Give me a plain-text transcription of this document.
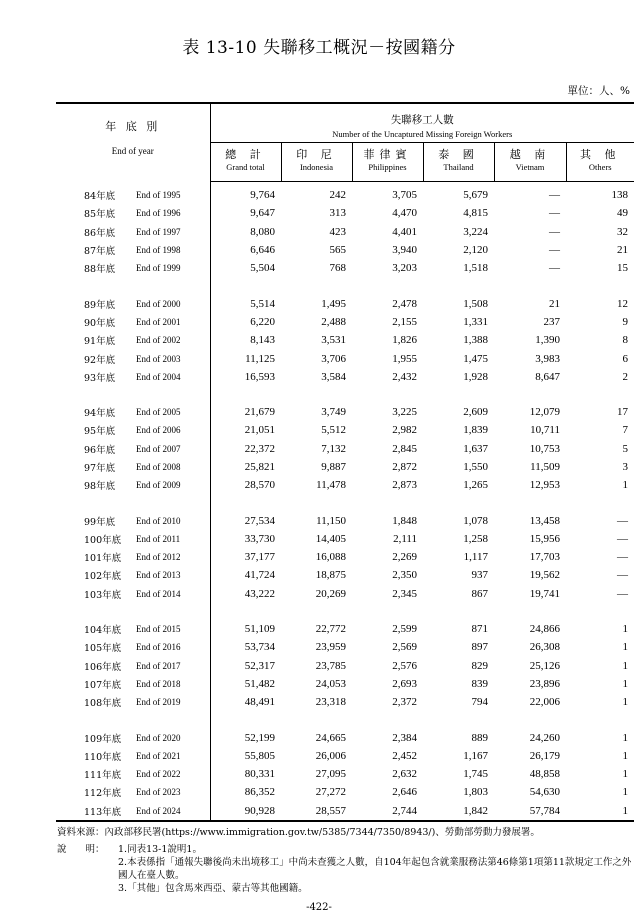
表 13-10 失聯移工概況－按國籍分
單位：人、%
年 底 別
End of year		失聯移工人數
Number of the Uncaptured Missing Foreign Workers					

		總 計
Grand total	印 尼
Indonesia	菲律賓
Philippines	泰 國
Thailand	越 南
Vietnam	其 他
Others

84年底	End of 1995	9,764	242	3,705	5,679	—	138
85年底	End of 1996	9,647	313	4,470	4,815	—	49
86年底	End of 1997	8,080	423	4,401	3,224	—	32
87年底	End of 1998	6,646	565	3,940	2,120	—	21
88年底	End of 1999	5,504	768	3,203	1,518	—	15

89年底	End of 2000	5,514	1,495	2,478	1,508	21	12
90年底	End of 2001	6,220	2,488	2,155	1,331	237	9
91年底	End of 2002	8,143	3,531	1,826	1,388	1,390	8
92年底	End of 2003	11,125	3,706	1,955	1,475	3,983	6
93年底	End of 2004	16,593	3,584	2,432	1,928	8,647	2

94年底	End of 2005	21,679	3,749	3,225	2,609	12,079	17
95年底	End of 2006	21,051	5,512	2,982	1,839	10,711	7
96年底	End of 2007	22,372	7,132	2,845	1,637	10,753	5
97年底	End of 2008	25,821	9,887	2,872	1,550	11,509	3
98年底	End of 2009	28,570	11,478	2,873	1,265	12,953	1

99年底	End of 2010	27,534	11,150	1,848	1,078	13,458	—
100年底	End of 2011	33,730	14,405	2,111	1,258	15,956	—
101年底	End of 2012	37,177	16,088	2,269	1,117	17,703	—
102年底	End of 2013	41,724	18,875	2,350	937	19,562	—
103年底	End of 2014	43,222	20,269	2,345	867	19,741	—

104年底	End of 2015	51,109	22,772	2,599	871	24,866	1
105年底	End of 2016	53,734	23,959	2,569	897	26,308	1
106年底	End of 2017	52,317	23,785	2,576	829	25,126	1
107年底	End of 2018	51,482	24,053	2,693	839	23,896	1
108年底	End of 2019	48,491	23,318	2,372	794	22,006	1

109年底	End of 2020	52,199	24,665	2,384	889	24,260	1
110年底	End of 2021	55,805	26,006	2,452	1,167	26,179	1
111年底	End of 2022	80,331	27,095	2,632	1,745	48,858	1
112年底	End of 2023	86,352	27,272	2,646	1,803	54,630	1
113年底	End of 2024	90,928	28,557	2,744	1,842	57,784	1
資料來源： 內政部移民署(https://www.immigration.gov.tw/5385/7344/7350/8943/)、勞動部勞動力發展署。
說　　明：	1.同表13-1說明1。
2.本表係指「通報失聯後尚未出境移工」中尚未查獲之人數，自104年起包含就業服務法第46條第1項第11款規定工作之外國人在臺人數。
3.「其他」包含馬來西亞、蒙古等其他國籍。
-422-
